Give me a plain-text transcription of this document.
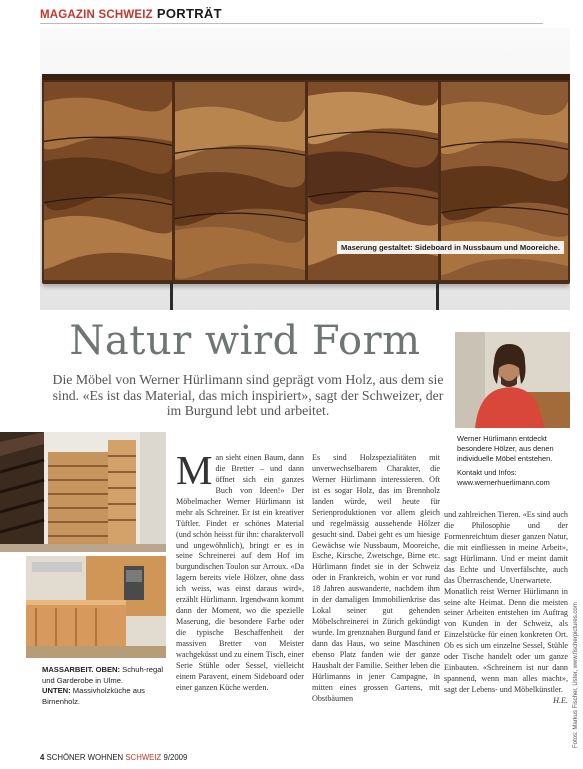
MAGAZIN SCHWEIZ PORTRÄT
Maserung gestaltet: Sideboard in Nussbaum und Mooreiche.
Natur wird Form
Die Möbel von Werner Hürlimann sind geprägt vom Holz, aus dem sie sind. «Es ist das Material, das mich inspiriert», sagt der Schweizer, der im Burgund lebt und arbeitet.
Werner Hürlimann entdeckt besondere Hölzer, aus denen individuelle Möbel entstehen.
Kontakt und Infos:
www.wernerhuerlimann.com
MASSARBEIT. OBEN: Schuh-regal und Garderobe in Ulme.
UNTEN: Massivholzküche aus Birnenholz.
Man sieht einen Baum, dann die Bretter – und dann öffnet sich ein ganzes Buch von Ideen!» Der Möbelmacher Werner Hürlimann ist mehr als Schreiner. Er ist ein kreativer Tüftler. Findet er schönes Material (und schön heisst für ihn: charaktervoll und ungewöhnlich), bringt er es in seine Schreinerei auf dem Hof im burgundischen Toulon sur Arroux. «Da lagern bereits viele Hölzer, ohne dass ich weiss, was einst daraus wird», erzählt Hürlimann. Irgendwann kommt dann der Moment, wo die spezielle Maserung, die besondere Farbe oder die typische Beschaffenheit der massiven Bretter von Meister wachgeküsst und zu einem Tisch, einer Serie Stühle oder Sessel, vielleicht einem Paravent, einem Sideboard oder einer ganzen Küche werden.
Es sind Holzspezialitäten mit unverwechselbarem Charakter, die Werner Hürlimann interessieren. Oft ist es sogar Holz, das im Brennholz landen würde, weil heute für Serienproduktionen vor allem gleich und regelmässig aussehende Hölzer gesucht sind. Dabei geht es um hiesige Gewächse wie Nussbaum, Mooreiche, Esche, Kirsche, Zwetschge, Birne etc. Hürlimann findet sie in der Schweiz oder in Frankreich, wohin er vor rund 18 Jahren auswanderte, nachdem ihm in der damaligen Immobilienkrise das Lokal seiner gut gehenden Möbelschreinerei in Zürich gekündigt wurde. Im grenznahen Burgund fand er dann das Haus, wo seine Maschinen ebenso Platz fanden wie der ganze Haushalt der Familie. Seither leben die Hürlimanns in jener Campagne, in mitten eines grossen Gartens, mit Obstbäumen
und zahlreichen Tieren. «Es sind auch die Philosophie und der Formenreichtum dieser ganzen Natur, die mit einfliessen in meine Arbeit», sagt Hürlimann. Und er meint damit das Echte und Unverfälschte, auch das Überraschende, Unerwartete.
Monatlich reist Werner Hürlimann in seine alte Heimat. Denn die meisten seiner Arbeiten entstehen im Auftrag von Kunden in der Schweiz, als Einzelstücke für einen konkreten Ort. Ob es sich um einzelne Sessel, Stühle oder Tische handelt oder um ganze Einbauten. «Schreinern ist nur dann spannend, wenn man alles macht», sagt der Lebens- und Möbelkünstler.
H.E. Fotos: Markus Fischer, Uster, www.fischerpictures.com
4 SCHÖNER WOHNEN SCHWEIZ 9/2009
